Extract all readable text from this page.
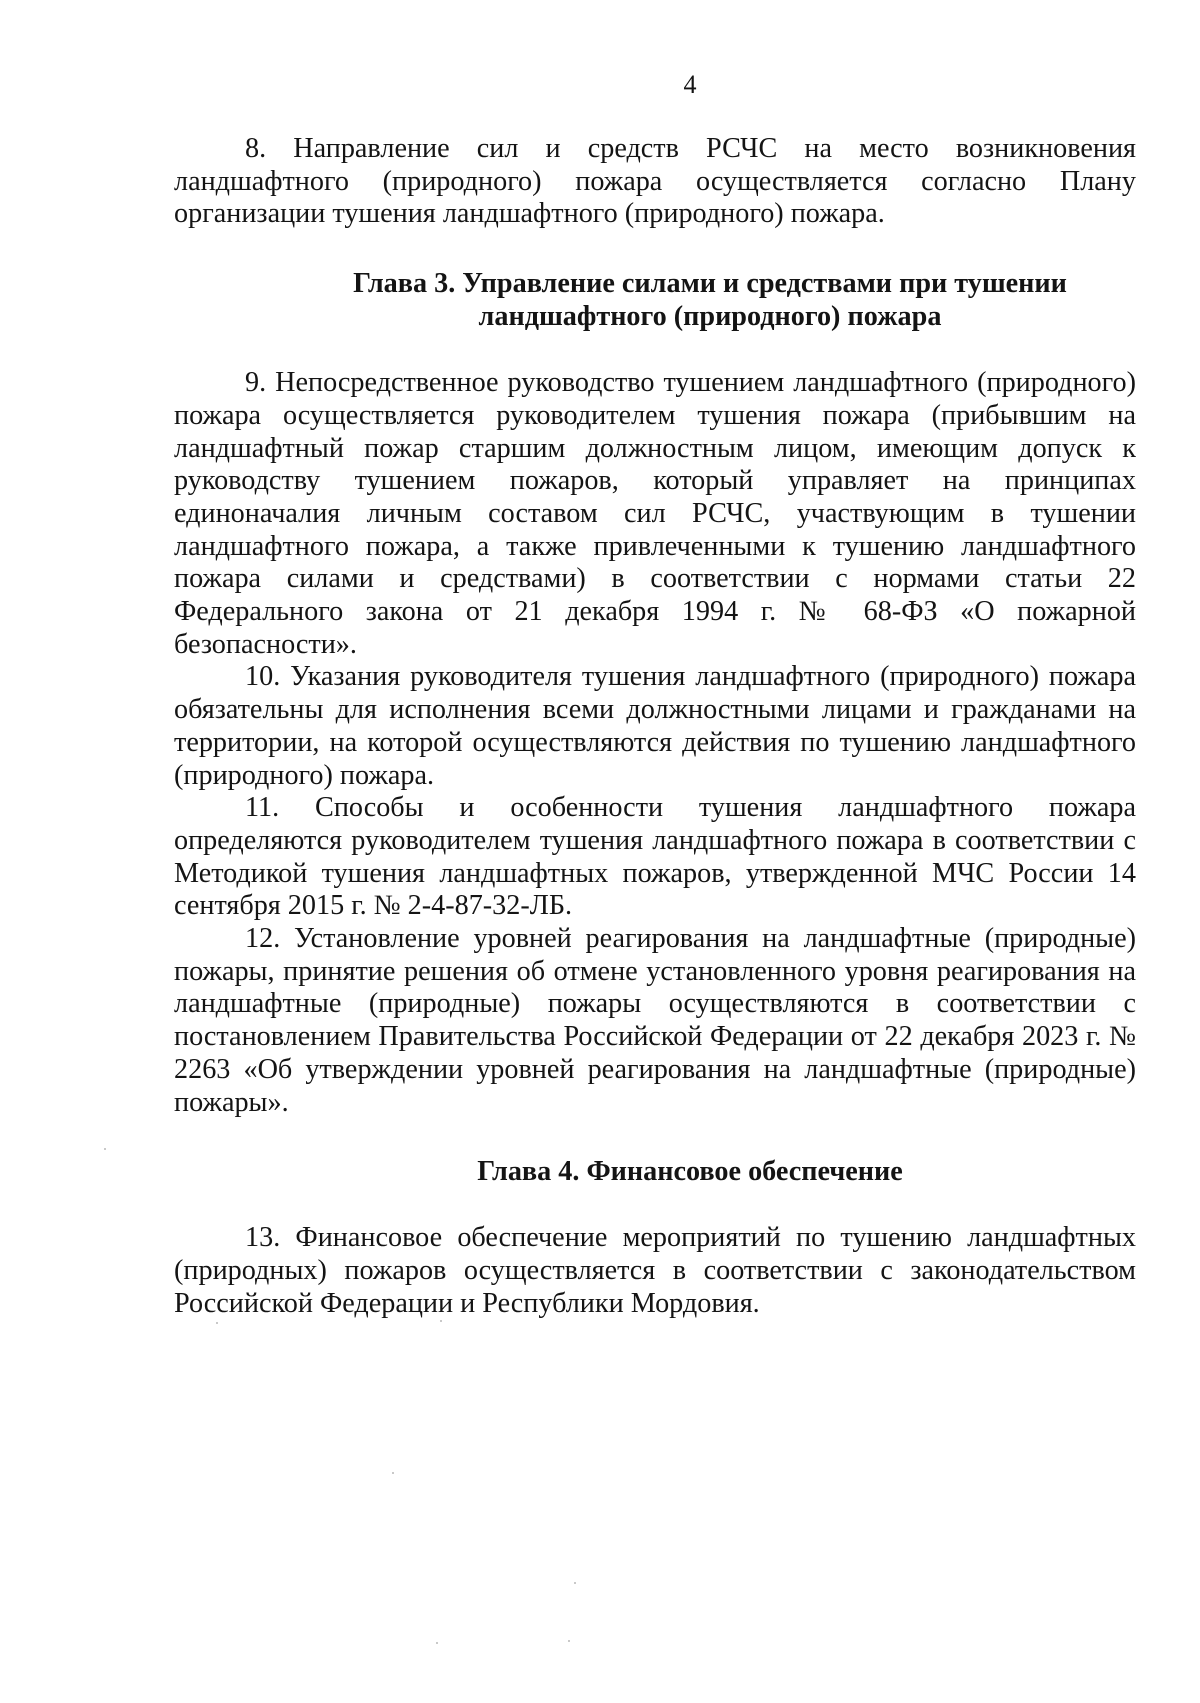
4

8. Направление сил и средств РСЧС на место возникновения ландшафтного (природного) пожара осуществляется согласно Плану организации тушения ландшафтного (природного) пожара.

Глава 3. Управление силами и средствами при тушении ландшафтного (природного) пожара

9. Непосредственное руководство тушением ландшафтного (природного) пожара осуществляется руководителем тушения пожара (прибывшим на ландшафтный пожар старшим должностным лицом, имеющим допуск к руководству тушением пожаров, который управляет на принципах единоначалия личным составом сил РСЧС, участвующим в тушении ландшафтного пожара, а также привлеченными к тушению ландшафтного пожара силами и средствами) в соответствии с нормами статьи 22 Федерального закона от 21 декабря 1994 г. № 68-ФЗ «О пожарной безопасности».

10. Указания руководителя тушения ландшафтного (природного) пожара обязательны для исполнения всеми должностными лицами и гражданами на территории, на которой осуществляются действия по тушению ландшафтного (природного) пожара.

11. Способы и особенности тушения ландшафтного пожара определяются руководителем тушения ландшафтного пожара в соответствии с Методикой тушения ландшафтных пожаров, утвержденной МЧС России 14 сентября 2015 г. № 2-4-87-32-ЛБ.

12. Установление уровней реагирования на ландшафтные (природные) пожары, принятие решения об отмене установленного уровня реагирования на ландшафтные (природные) пожары осуществляются в соответствии с постановлением Правительства Российской Федерации от 22 декабря 2023 г. № 2263 «Об утверждении уровней реагирования на ландшафтные (природные) пожары».

Глава 4. Финансовое обеспечение

13. Финансовое обеспечение мероприятий по тушению ландшафтных (природных) пожаров осуществляется в соответствии с законодательством Российской Федерации и Республики Мордовия.
